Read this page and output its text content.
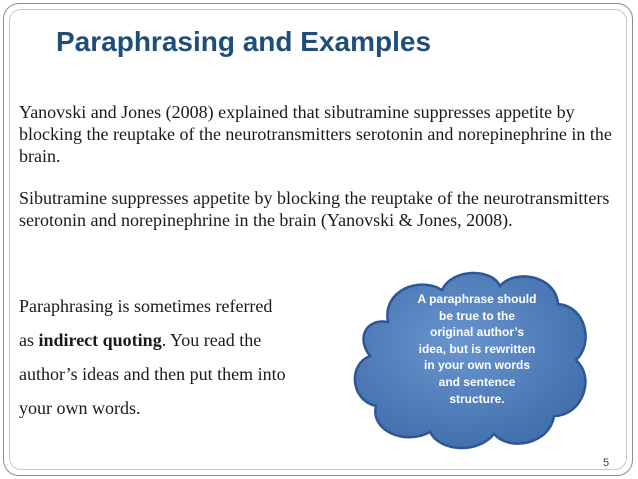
Paraphrasing and Examples

Yanovski and Jones (2008) explained that sibutramine suppresses appetite by blocking the reuptake of the neurotransmitters serotonin and norepinephrine in the brain.

Sibutramine suppresses appetite by blocking the reuptake of the neurotransmitters serotonin and norepinephrine in the brain (Yanovski & Jones, 2008).

Paraphrasing is sometimes referred
as indirect quoting. You read the
author’s ideas and then put them into
your own words.
A paraphrase should
be true to the
original author’s
idea, but is rewritten
in your own words
and sentence
structure.
5
